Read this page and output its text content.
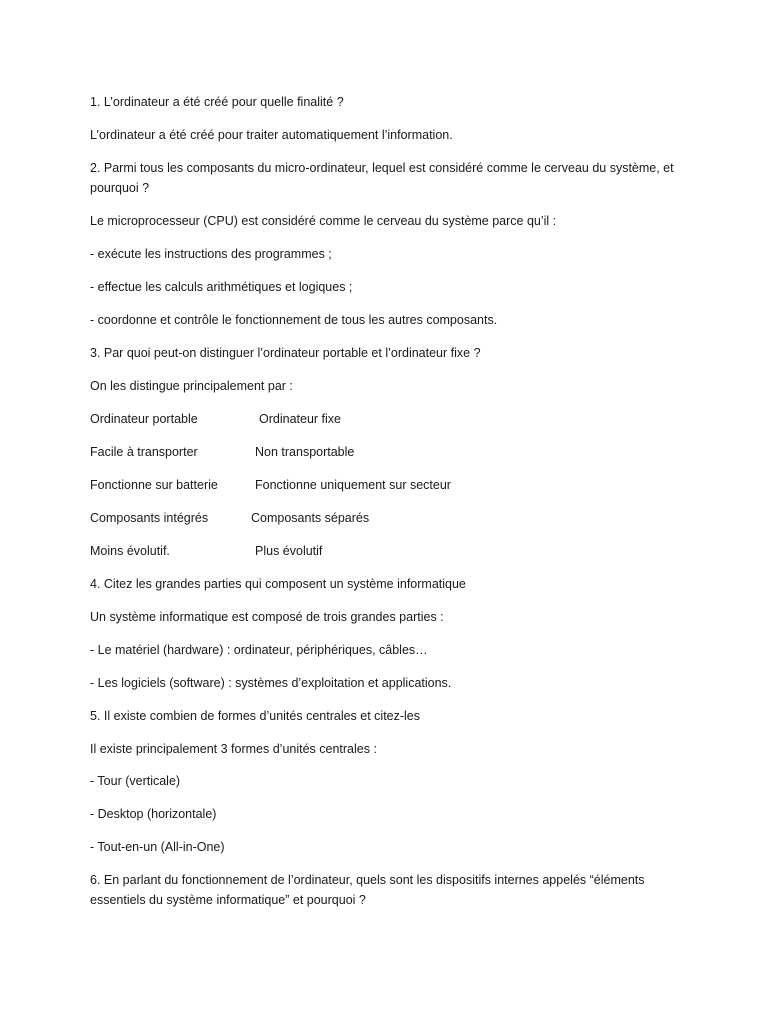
1. L’ordinateur a été créé pour quelle finalité ?

L’ordinateur a été créé pour traiter automatiquement l’information.

2. Parmi tous les composants du micro-ordinateur, lequel est considéré comme le cerveau du système, et pourquoi ?

Le microprocesseur (CPU) est considéré comme le cerveau du système parce qu’il :

- exécute les instructions des programmes ;

- effectue les calculs arithmétiques et logiques ;

- coordonne et contrôle le fonctionnement de tous les autres composants.

3. Par quoi peut-on distinguer l’ordinateur portable et l’ordinateur fixe ?

On les distingue principalement par :

Ordinateur portable	Ordinateur fixe
Facile à transporter	Non transportable
Fonctionne sur batterie	Fonctionne uniquement sur secteur
Composants intégrés	Composants séparés
Moins évolutif.	Plus évolutif

4. Citez les grandes parties qui composent un système informatique

Un système informatique est composé de trois grandes parties :

- Le matériel (hardware) : ordinateur, périphériques, câbles…

- Les logiciels (software) : systèmes d’exploitation et applications.

5. Il existe combien de formes d’unités centrales et citez-les

Il existe principalement 3 formes d’unités centrales :

- Tour (verticale)

- Desktop (horizontale)

- Tout-en-un (All-in-One)

6. En parlant du fonctionnement de l’ordinateur, quels sont les dispositifs internes appelés “éléments essentiels du système informatique” et pourquoi ?
